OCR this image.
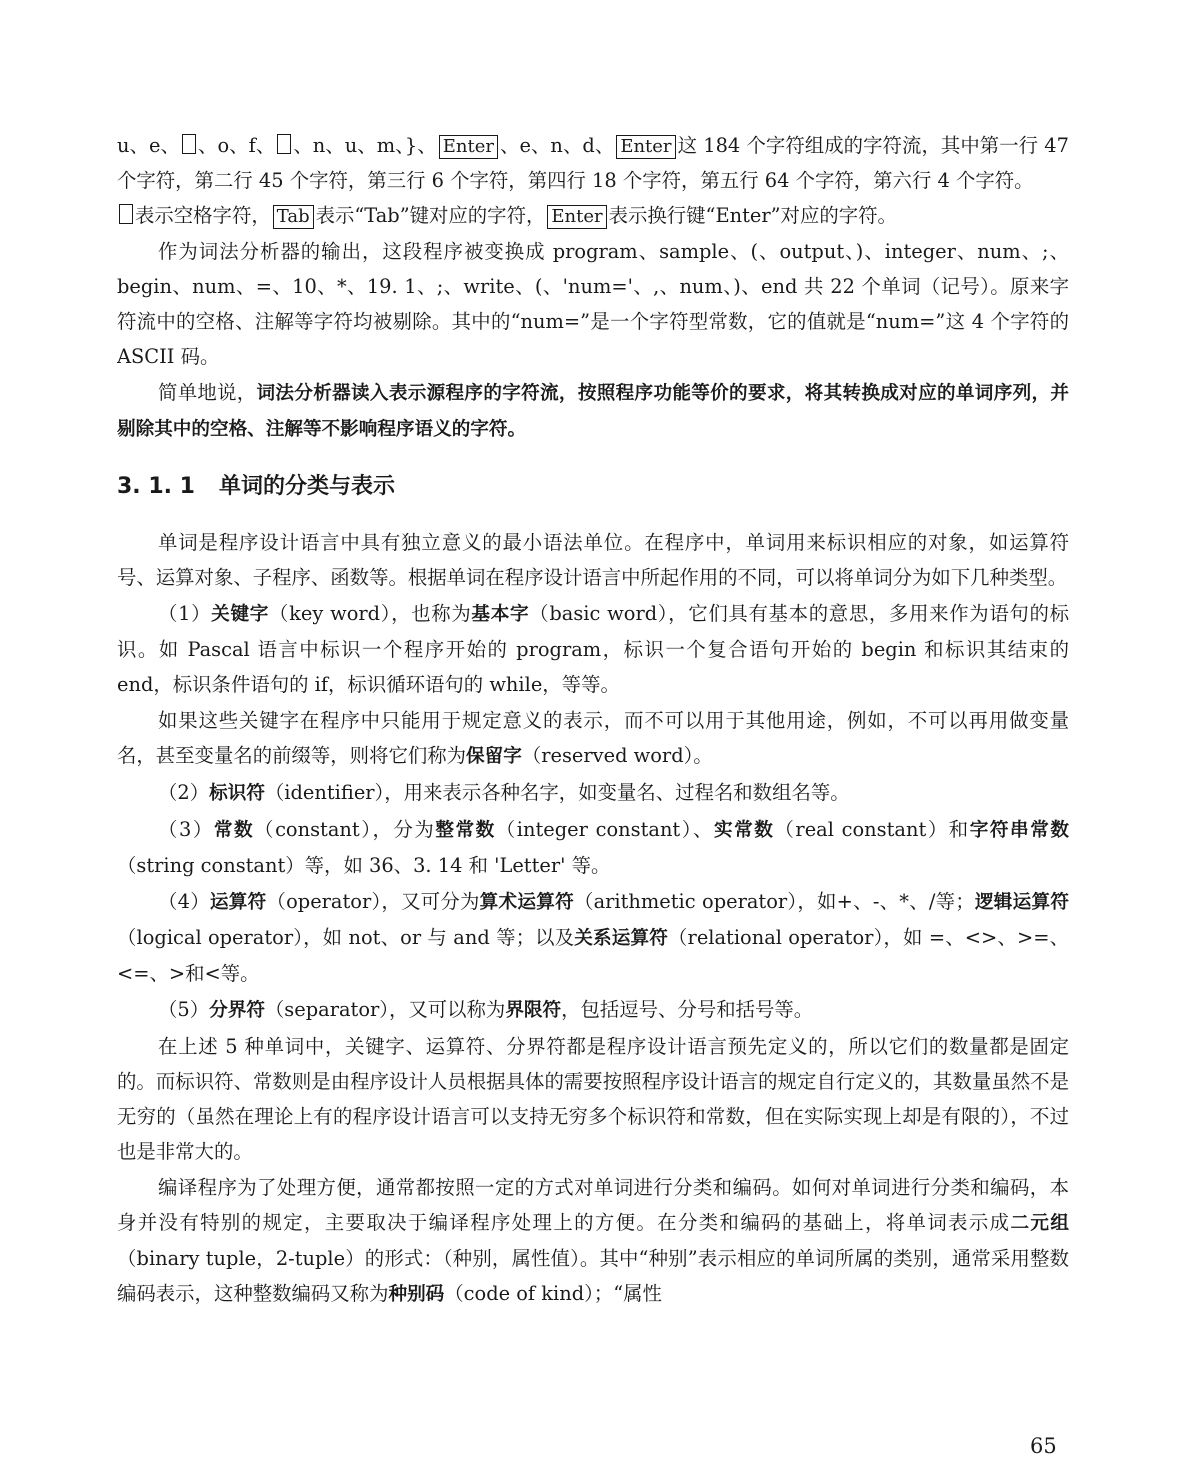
u、e、 、o、f、 、n、u、m、}、 Enter 、e、n、d、 Enter 这 184 个字符组成的字符流，其中第一行 47 个字符，第二行 45 个字符，第三行 6 个字符，第四行 18 个字符，第五行 64 个字符，第六行 4 个字符。
表示空格字符， Tab 表示“Tab”键对应的字符， Enter 表示换行键“Enter”对应的字符。

作为词法分析器的输出，这段程序被变换成 program、sample、(、output、)、integer、num、;、begin、num、=、10、*、19. 1、;、write、(、'num='、,、num、)、end 共 22 个单词（记号）。原来字符流中的空格、注解等字符均被剔除。其中的“num=”是一个字符型常数，它的值就是“num=”这 4 个字符的 ASCII 码。

简单地说，词法分析器读入表示源程序的字符流，按照程序功能等价的要求，将其转换成对应的单词序列，并剔除其中的空格、注解等不影响程序语义的字符。

3. 1. 1 单词的分类与表示

单词是程序设计语言中具有独立意义的最小语法单位。在程序中，单词用来标识相应的对象，如运算符号、运算对象、子程序、函数等。根据单词在程序设计语言中所起作用的不同，可以将单词分为如下几种类型。

（1）关键字（key word），也称为基本字（basic word），它们具有基本的意思，多用来作为语句的标识。如 Pascal 语言中标识一个程序开始的 program，标识一个复合语句开始的 begin 和标识其结束的 end，标识条件语句的 if，标识循环语句的 while，等等。

如果这些关键字在程序中只能用于规定意义的表示，而不可以用于其他用途，例如，不可以再用做变量名，甚至变量名的前缀等，则将它们称为保留字（reserved word）。

（2）标识符（identifier），用来表示各种名字，如变量名、过程名和数组名等。

（3）常数（constant），分为整常数（integer constant）、实常数（real constant）和字符串常数（string constant）等，如 36、3. 14 和 'Letter' 等。

（4）运算符（operator），又可分为算术运算符（arithmetic operator），如+、-、*、/等；逻辑运算符（logical operator），如 not、or 与 and 等；以及关系运算符（relational operator），如 =、<>、>=、<=、>和<等。

（5）分界符（separator），又可以称为界限符，包括逗号、分号和括号等。

在上述 5 种单词中，关键字、运算符、分界符都是程序设计语言预先定义的，所以它们的数量都是固定的。而标识符、常数则是由程序设计人员根据具体的需要按照程序设计语言的规定自行定义的，其数量虽然不是无穷的（虽然在理论上有的程序设计语言可以支持无穷多个标识符和常数，但在实际实现上却是有限的），不过也是非常大的。

编译程序为了处理方便，通常都按照一定的方式对单词进行分类和编码。如何对单词进行分类和编码，本身并没有特别的规定，主要取决于编译程序处理上的方便。在分类和编码的基础上，将单词表示成二元组（binary tuple，2-tuple）的形式：（种别，属性值）。其中“种别”表示相应的单词所属的类别，通常采用整数编码表示，这种整数编码又称为种别码（code of kind）；“属性

65
